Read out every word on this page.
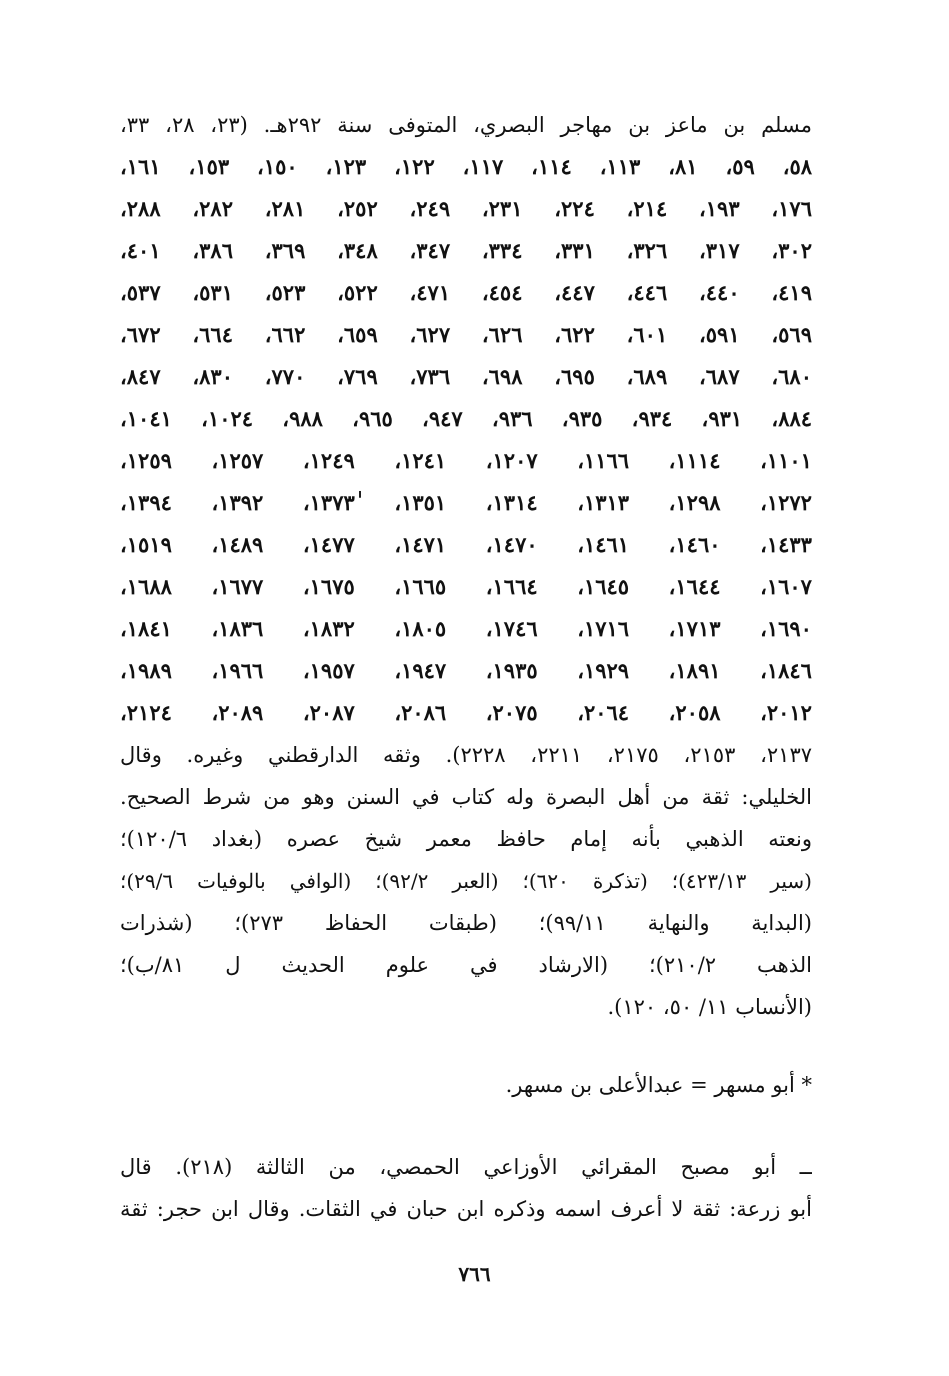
مسلم بن ماعز بن مهاجر البصري، المتوفى سنة ٢٩٢هـ. (٢٣، ٢٨، ٣٣،
٥٨، ٥٩، ٨١، ١١٣، ١١٤، ١١٧، ١٢٢، ١٢٣، ١٥٠، ١٥٣، ١٦١،
١٧٦، ١٩٣، ٢١٤، ٢٢٤، ٢٣١، ٢٤٩، ٢٥٢، ٢٨١، ٢٨٢، ٢٨٨،
٣٠٢، ٣١٧، ٣٢٦، ٣٣١، ٣٣٤، ٣٤٧، ٣٤٨، ٣٦٩، ٣٨٦، ٤٠١،
٤١٩، ٤٤٠، ٤٤٦، ٤٤٧، ٤٥٤، ٤٧١، ٥٢٢، ٥٢٣، ٥٣١، ٥٣٧،
٥٦٩، ٥٩١، ٦٠١، ٦٢٢، ٦٢٦، ٦٢٧، ٦٥٩، ٦٦٢، ٦٦٤، ٦٧٢،
٦٨٠، ٦٨٧، ٦٨٩، ٦٩٥، ٦٩٨، ٧٣٦، ٧٦٩، ٧٧٠، ٨٣٠، ٨٤٧،
٨٨٤، ٩٣١، ٩٣٤، ٩٣٥، ٩٣٦، ٩٤٧، ٩٦٥، ٩٨٨، ١٠٢٤، ١٠٤١،
١١٠١، ١١١٤، ١١٦٦، ١٢٠٧، ١٢٤١، ١٢٤٩، ١٢٥٧، ١٢٥٩،
١٢٧٢، ١٢٩٨، ١٣١٣، ١٣١٤، ١٣٥١، ١٣٧٣ٰ، ١٣٩٢، ١٣٩٤،
١٤٣٣، ١٤٦٠، ١٤٦١، ١٤٧٠، ١٤٧١، ١٤٧٧، ١٤٨٩، ١٥١٩،
١٦٠٧، ١٦٤٤، ١٦٤٥، ١٦٦٤، ١٦٦٥، ١٦٧٥، ١٦٧٧، ١٦٨٨،
١٦٩٠، ١٧١٣، ١٧١٦، ١٧٤٦، ١٨٠٥، ١٨٣٢، ١٨٣٦، ١٨٤١،
١٨٤٦، ١٨٩١، ١٩٢٩، ١٩٣٥، ١٩٤٧، ١٩٥٧، ١٩٦٦، ١٩٨٩،
٢٠١٢، ٢٠٥٨، ٢٠٦٤، ٢٠٧٥، ٢٠٨٦، ٢٠٨٧، ٢٠٨٩، ٢١٢٤،
٢١٣٧، ٢١٥٣، ٢١٧٥، ٢٢١١، ٢٢٢٨). وثقه الدارقطني وغيره. وقال
الخليلي: ثقة من أهل البصرة وله كتاب في السنن وهو من شرط الصحيح.
ونعته الذهبي بأنه إمام حافظ معمر شيخ عصره (بغداد ١٢٠/٦)؛
(سير ٤٢٣/١٣)؛ (تذكرة ٦٢٠)؛ (العبر ٩٢/٢)؛ (الوافي بالوفيات ٢٩/٦)؛
(البداية والنهاية ٩٩/١١)؛ (طبقات الحفاظ ٢٧٣)؛ (شذرات
الذهب ٢١٠/٢)؛ (الارشاد في علوم الحديث ل ٨١/ب)؛
(الأنساب ١١/ ٥٠، ١٢٠).
* أبو مسهر = عبدالأعلى بن مسهر.
ــ أبو مصبح المقرائي الأوزاعي الحمصي، من الثالثة (٢١٨). قال
أبو زرعة: ثقة لا أعرف اسمه وذكره ابن حبان في الثقات. وقال ابن حجر: ثقة
٧٦٦
